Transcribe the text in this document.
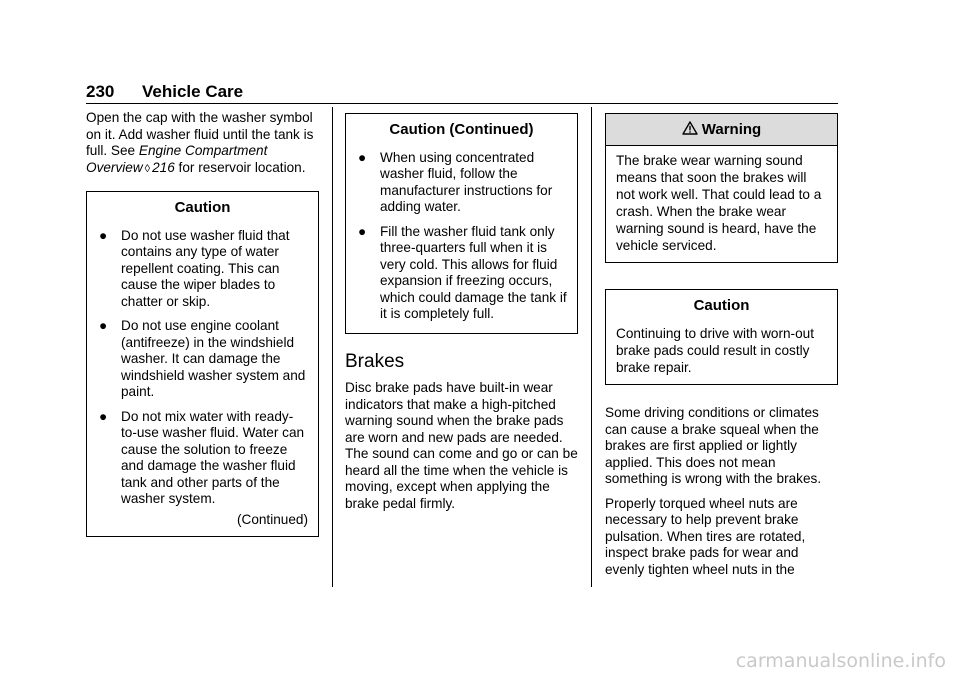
230 Vehicle Care

Open the cap with the washer symbol on it. Add washer fluid until the tank is full. See Engine Compartment Overview ◊ 216 for reservoir location.

Caution
●	Do not use washer fluid that contains any type of water repellent coating. This can cause the wiper blades to chatter or skip.
●	Do not use engine coolant (antifreeze) in the windshield washer. It can damage the windshield washer system and paint.
●	Do not mix water with ready-to-use washer fluid. Water can cause the solution to freeze and damage the washer fluid tank and other parts of the washer system.
(Continued)
Caution (Continued)
●	When using concentrated washer fluid, follow the manufacturer instructions for adding water.
●	Fill the washer fluid tank only three-quarters full when it is very cold. This allows for fluid expansion if freezing occurs, which could damage the tank if it is completely full.
Brakes

Disc brake pads have built-in wear indicators that make a high-pitched warning sound when the brake pads are worn and new pads are needed. The sound can come and go or can be heard all the time when the vehicle is moving, except when applying the brake pedal firmly.

Warning
The brake wear warning sound means that soon the brakes will not work well. That could lead to a crash. When the brake wear warning sound is heard, have the vehicle serviced.
Caution
Continuing to drive with worn-out brake pads could result in costly brake repair.

Some driving conditions or climates can cause a brake squeal when the brakes are first applied or lightly applied. This does not mean something is wrong with the brakes.

Properly torqued wheel nuts are necessary to help prevent brake pulsation. When tires are rotated, inspect brake pads for wear and evenly tighten wheel nuts in the

carmanualsonline.info
